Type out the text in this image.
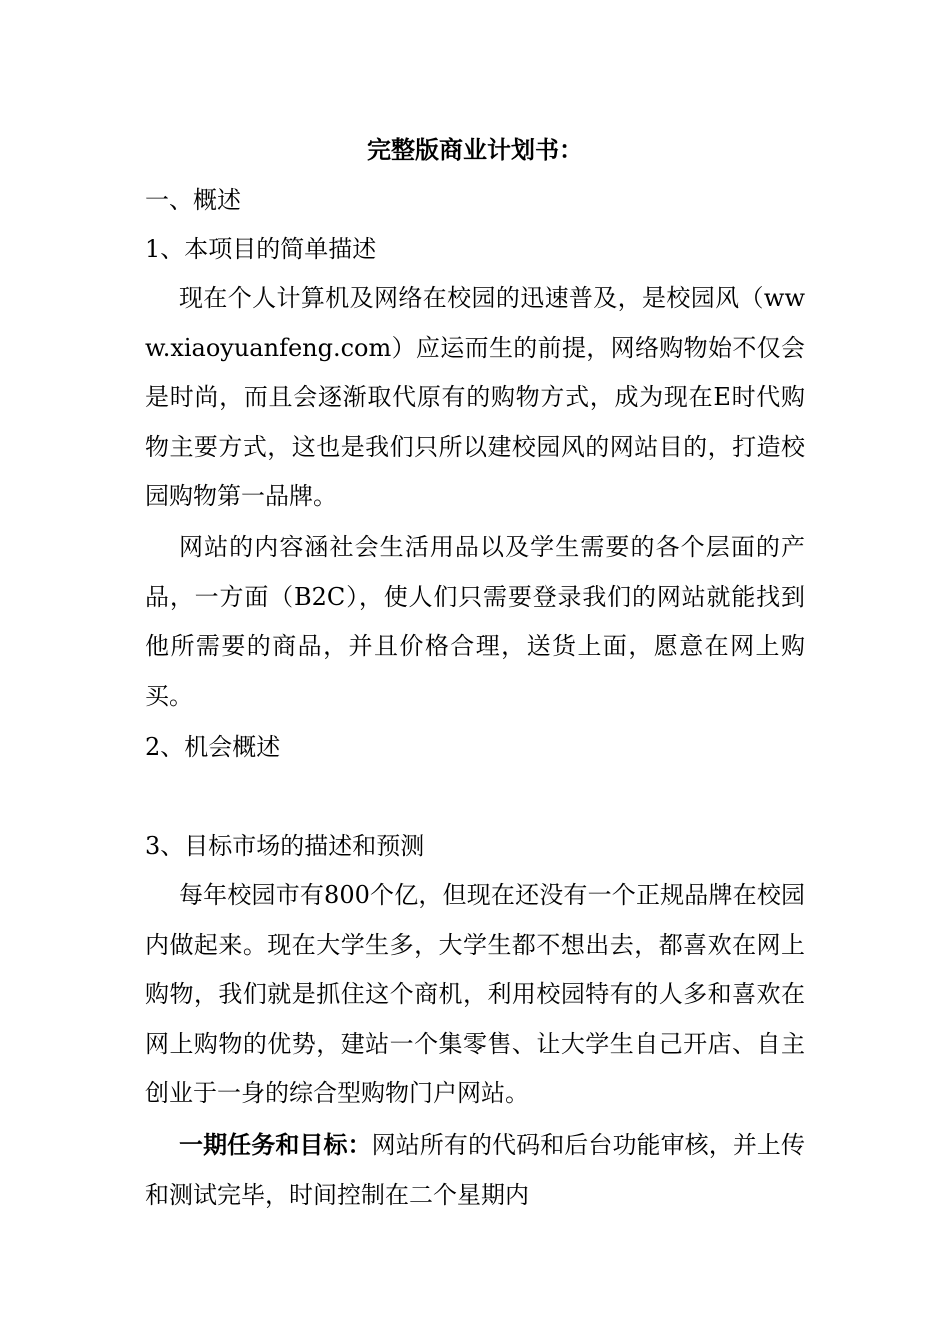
完整版商业计划书：
一、概述
1、本项目的简单描述
现在个人计算机及网络在校园的迅速普及，是校园风（www.xiaoyuanfeng.com）应运而生的前提，网络购物始不仅会是时尚，而且会逐渐取代原有的购物方式，成为现在E时代购物主要方式，这也是我们只所以建校园风的网站目的，打造校园购物第一品牌。
网站的内容涵社会生活用品以及学生需要的各个层面的产品，一方面（B2C），使人们只需要登录我们的网站就能找到他所需要的商品，并且价格合理，送货上面，愿意在网上购买。
2、机会概述
3、目标市场的描述和预测
每年校园市有800个亿，但现在还没有一个正规品牌在校园内做起来。现在大学生多，大学生都不想出去，都喜欢在网上购物，我们就是抓住这个商机，利用校园特有的人多和喜欢在网上购物的优势，建站一个集零售、让大学生自己开店、自主创业于一身的综合型购物门户网站。
一期任务和目标：网站所有的代码和后台功能审核，并上传和测试完毕，时间控制在二个星期内
